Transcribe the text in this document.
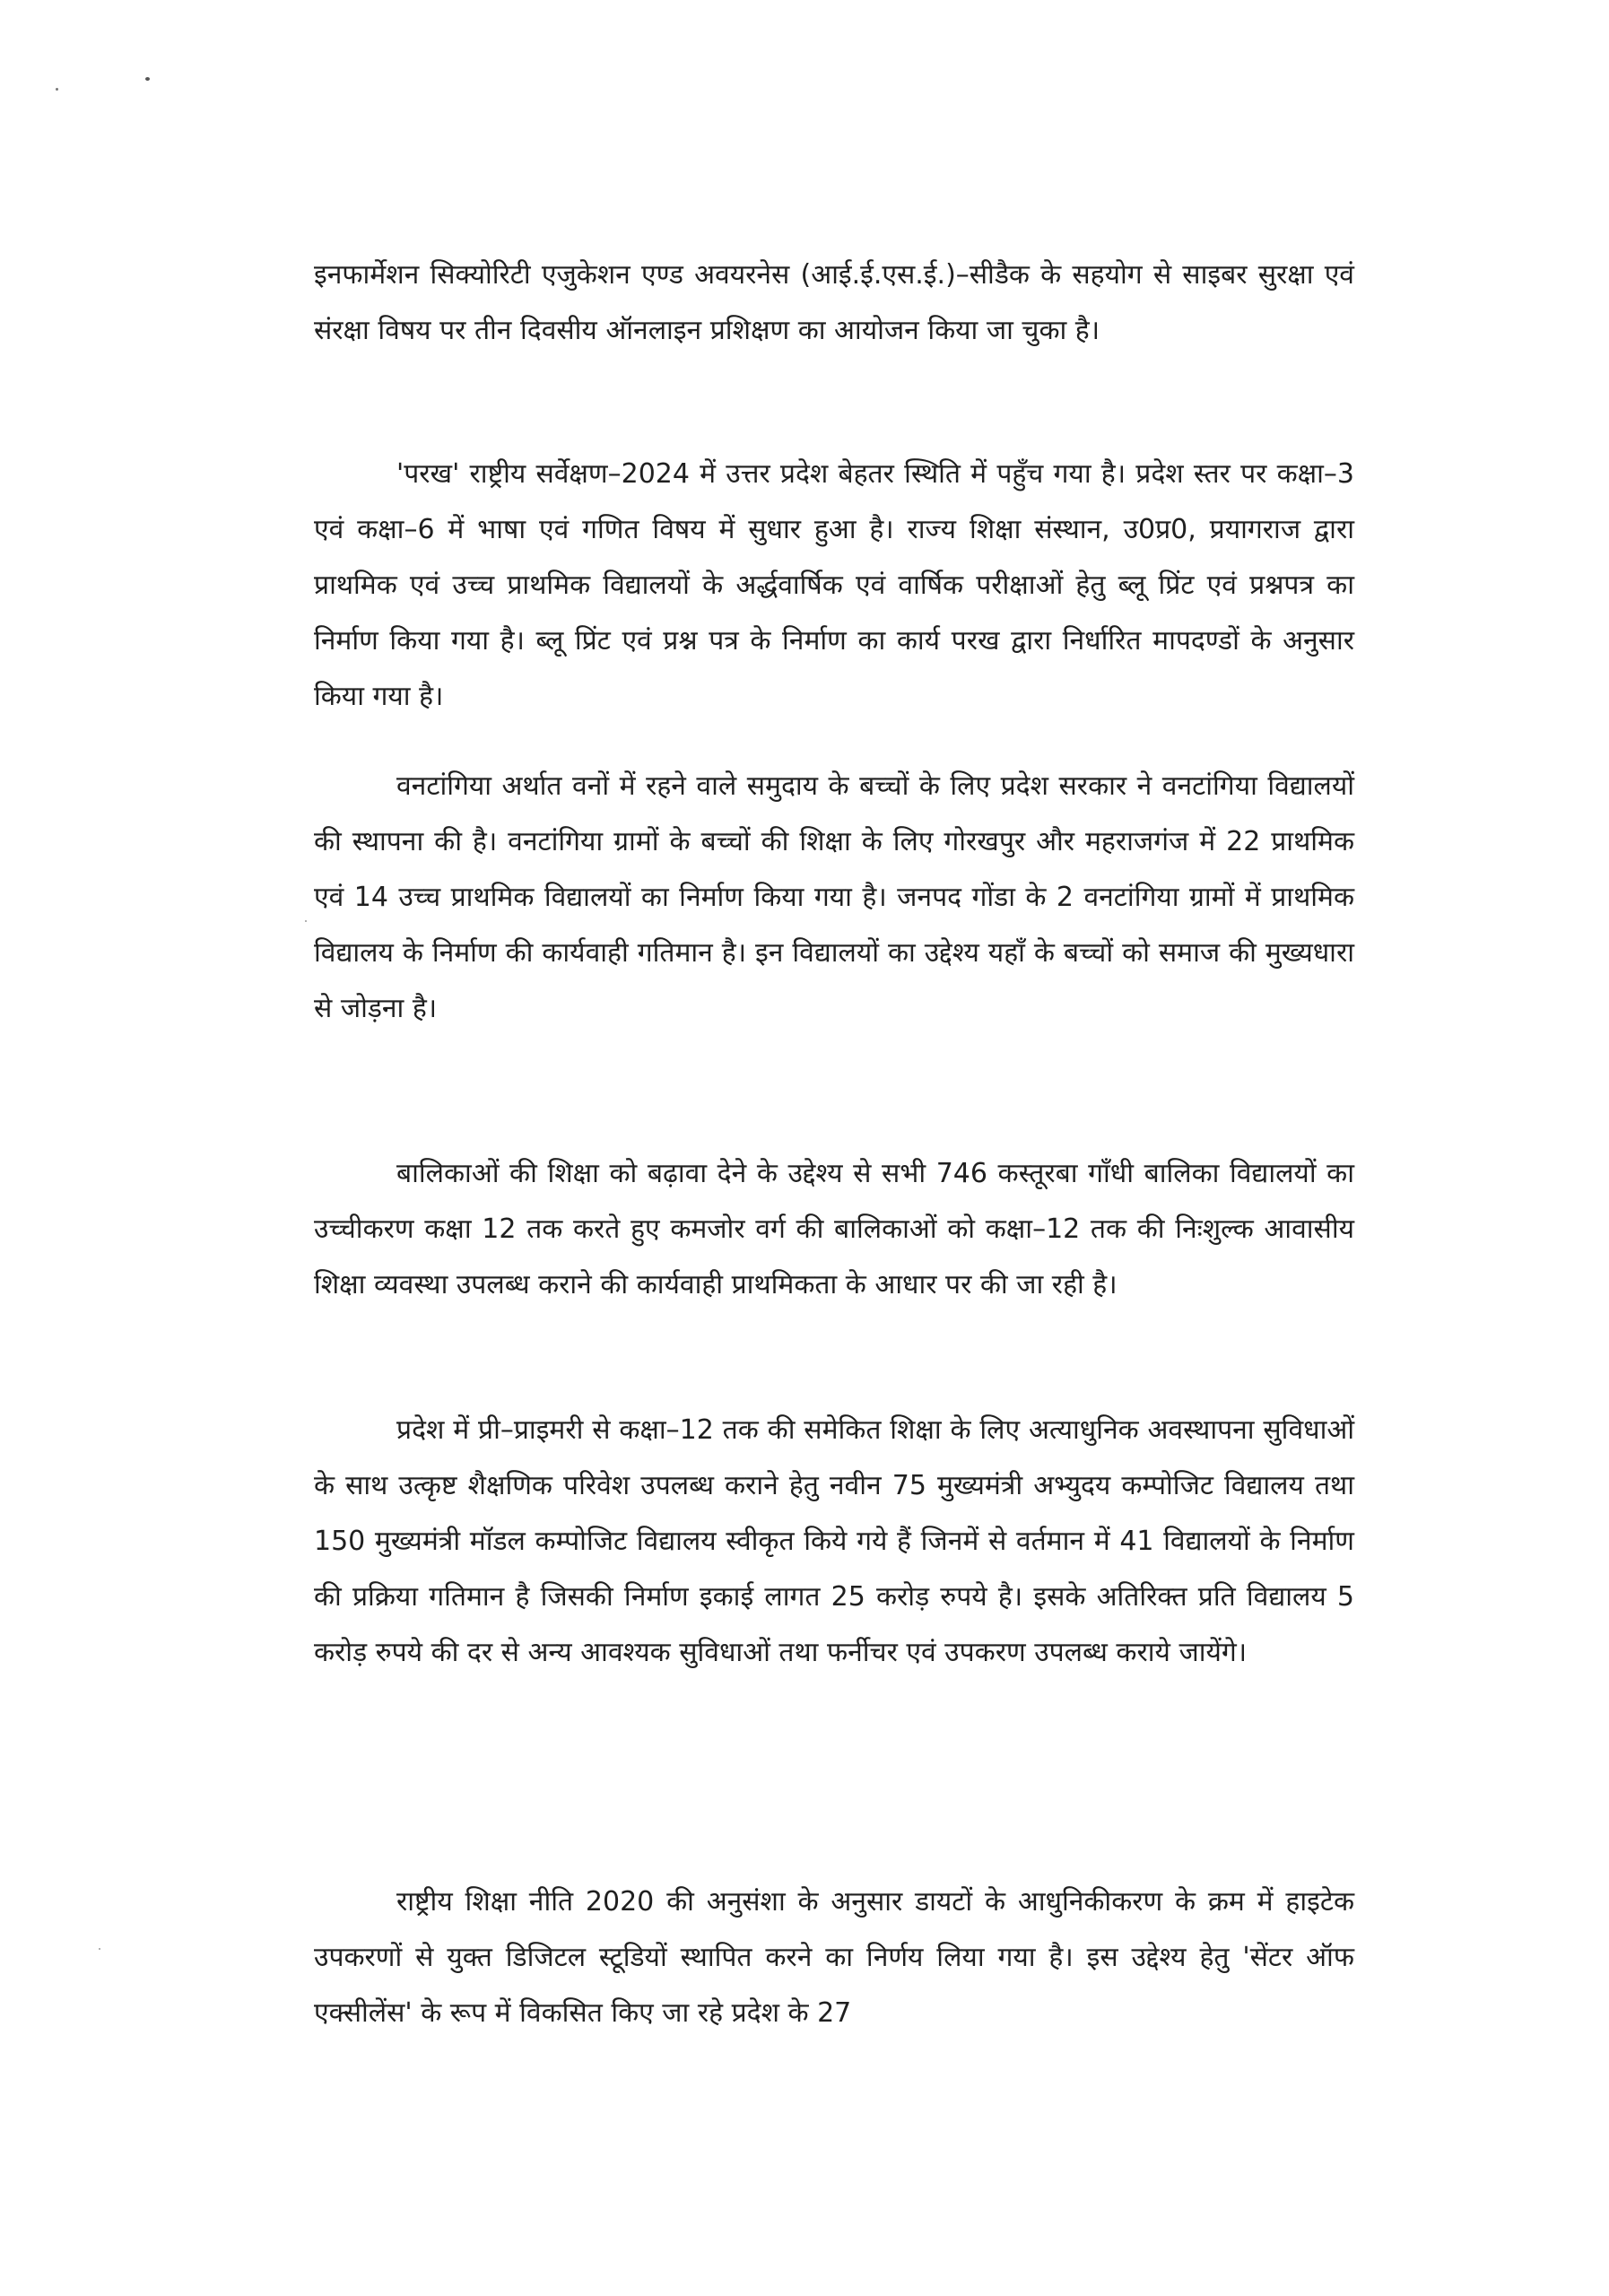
इनफार्मेशन सिक्योरिटी एजुकेशन एण्ड अवयरनेस (आई.ई.एस.ई.)–सीडैक के सहयोग से साइबर सुरक्षा एवं संरक्षा विषय पर तीन दिवसीय ऑनलाइन प्रशिक्षण का आयोजन किया जा चुका है।

'परख' राष्ट्रीय सर्वेक्षण–2024 में उत्तर प्रदेश बेहतर स्थिति में पहुँच गया है। प्रदेश स्तर पर कक्षा–3 एवं कक्षा–6 में भाषा एवं गणित विषय में सुधार हुआ है। राज्य शिक्षा संस्थान, उ0प्र0, प्रयागराज द्वारा प्राथमिक एवं उच्च प्राथमिक विद्यालयों के अर्द्धवार्षिक एवं वार्षिक परीक्षाओं हेतु ब्लू प्रिंट एवं प्रश्नपत्र का निर्माण किया गया है। ब्लू प्रिंट एवं प्रश्न पत्र के निर्माण का कार्य परख द्वारा निर्धारित मापदण्डों के अनुसार किया गया है।

वनटांगिया अर्थात वनों में रहने वाले समुदाय के बच्चों के लिए प्रदेश सरकार ने वनटांगिया विद्यालयों की स्थापना की है। वनटांगिया ग्रामों के बच्चों की शिक्षा के लिए गोरखपुर और महराजगंज में 22 प्राथमिक एवं 14 उच्च प्राथमिक विद्यालयों का निर्माण किया गया है। जनपद गोंडा के 2 वनटांगिया ग्रामों में प्राथमिक विद्यालय के निर्माण की कार्यवाही गतिमान है। इन विद्यालयों का उद्देश्य यहाँ के बच्चों को समाज की मुख्यधारा से जोड़ना है।

बालिकाओं की शिक्षा को बढ़ावा देने के उद्देश्य से सभी 746 कस्तूरबा गाँधी बालिका विद्यालयों का उच्चीकरण कक्षा 12 तक करते हुए कमजोर वर्ग की बालिकाओं को कक्षा–12 तक की निःशुल्क आवासीय शिक्षा व्यवस्था उपलब्ध कराने की कार्यवाही प्राथमिकता के आधार पर की जा रही है।

प्रदेश में प्री–प्राइमरी से कक्षा–12 तक की समेकित शिक्षा के लिए अत्याधुनिक अवस्थापना सुविधाओं के साथ उत्कृष्ट शैक्षणिक परिवेश उपलब्ध कराने हेतु नवीन 75 मुख्यमंत्री अभ्युदय कम्पोजिट विद्यालय तथा 150 मुख्यमंत्री मॉडल कम्पोजिट विद्यालय स्वीकृत किये गये हैं जिनमें से वर्तमान में 41 विद्यालयों के निर्माण की प्रक्रिया गतिमान है जिसकी निर्माण इकाई लागत 25 करोड़ रुपये है। इसके अतिरिक्त प्रति विद्यालय 5 करोड़ रुपये की दर से अन्य आवश्यक सुविधाओं तथा फर्नीचर एवं उपकरण उपलब्ध कराये जायेंगे।

राष्ट्रीय शिक्षा नीति 2020 की अनुसंशा के अनुसार डायटों के आधुनिकीकरण के क्रम में हाइटेक उपकरणों से युक्त डिजिटल स्टूडियों स्थापित करने का निर्णय लिया गया है। इस उद्देश्य हेतु 'सेंटर ऑफ एक्सीलेंस' के रूप में विकसित किए जा रहे प्रदेश के 27
